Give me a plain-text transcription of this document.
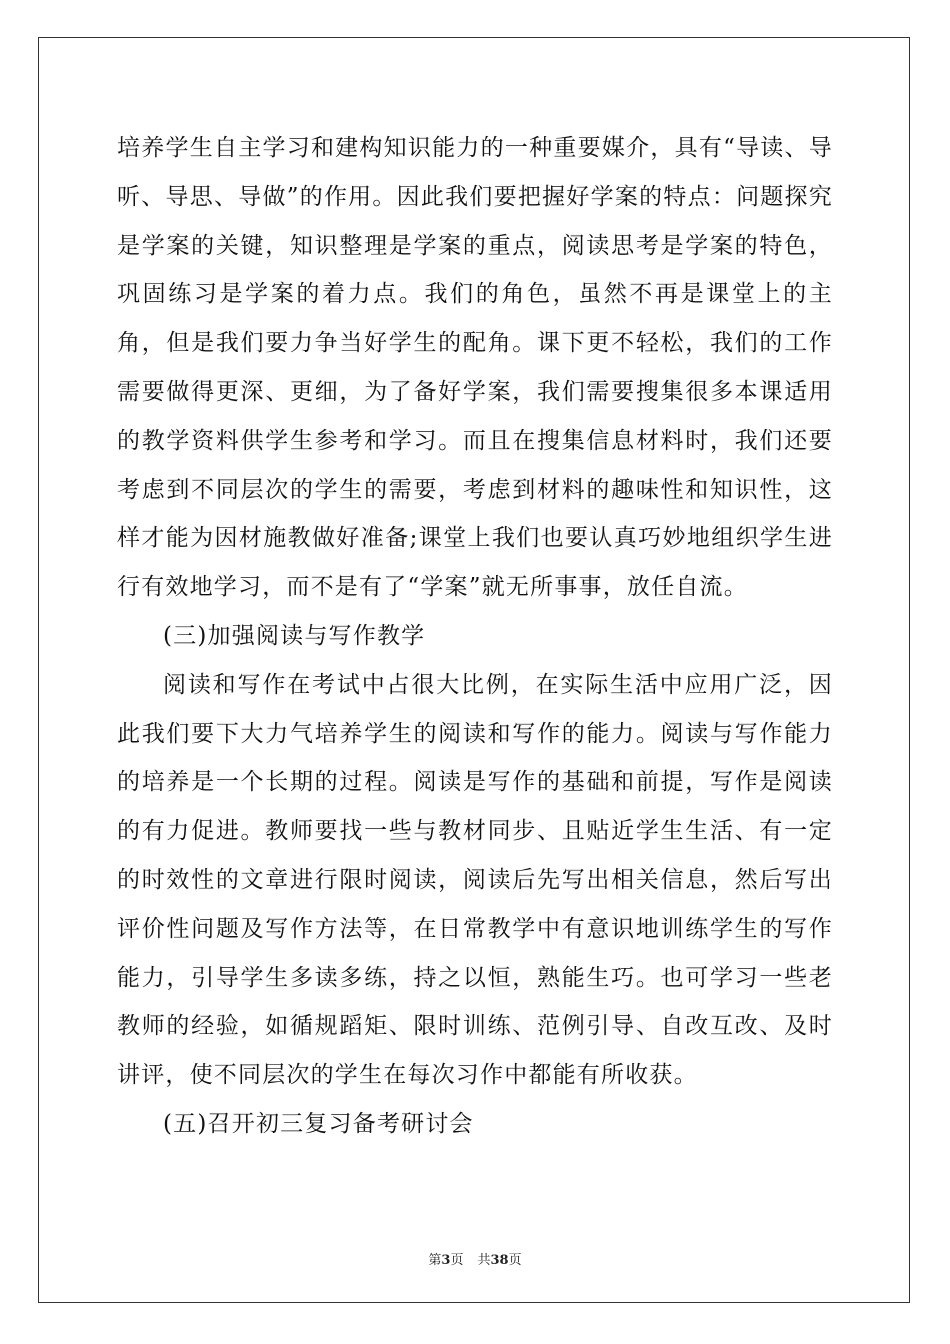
培养学生自主学习和建构知识能力的一种重要媒介，具有“导读、导听、导思、导做”的作用。因此我们要把握好学案的特点：问题探究是学案的关键，知识整理是学案的重点，阅读思考是学案的特色，巩固练习是学案的着力点。我们的角色，虽然不再是课堂上的主角，但是我们要力争当好学生的配角。课下更不轻松，我们的工作需要做得更深、更细，为了备好学案，我们需要搜集很多本课适用的教学资料供学生参考和学习。而且在搜集信息材料时，我们还要考虑到不同层次的学生的需要，考虑到材料的趣味性和知识性，这样才能为因材施教做好准备;课堂上我们也要认真巧妙地组织学生进行有效地学习，而不是有了“学案”就无所事事，放任自流。

(三)加强阅读与写作教学

阅读和写作在考试中占很大比例，在实际生活中应用广泛，因此我们要下大力气培养学生的阅读和写作的能力。阅读与写作能力的培养是一个长期的过程。阅读是写作的基础和前提，写作是阅读的有力促进。教师要找一些与教材同步、且贴近学生生活、有一定的时效性的文章进行限时阅读，阅读后先写出相关信息，然后写出评价性问题及写作方法等，在日常教学中有意识地训练学生的写作能力，引导学生多读多练，持之以恒，熟能生巧。也可学习一些老教师的经验，如循规蹈矩、限时训练、范例引导、自改互改、及时讲评，使不同层次的学生在每次习作中都能有所收获。

(五)召开初三复习备考研讨会

第3页 共38页
